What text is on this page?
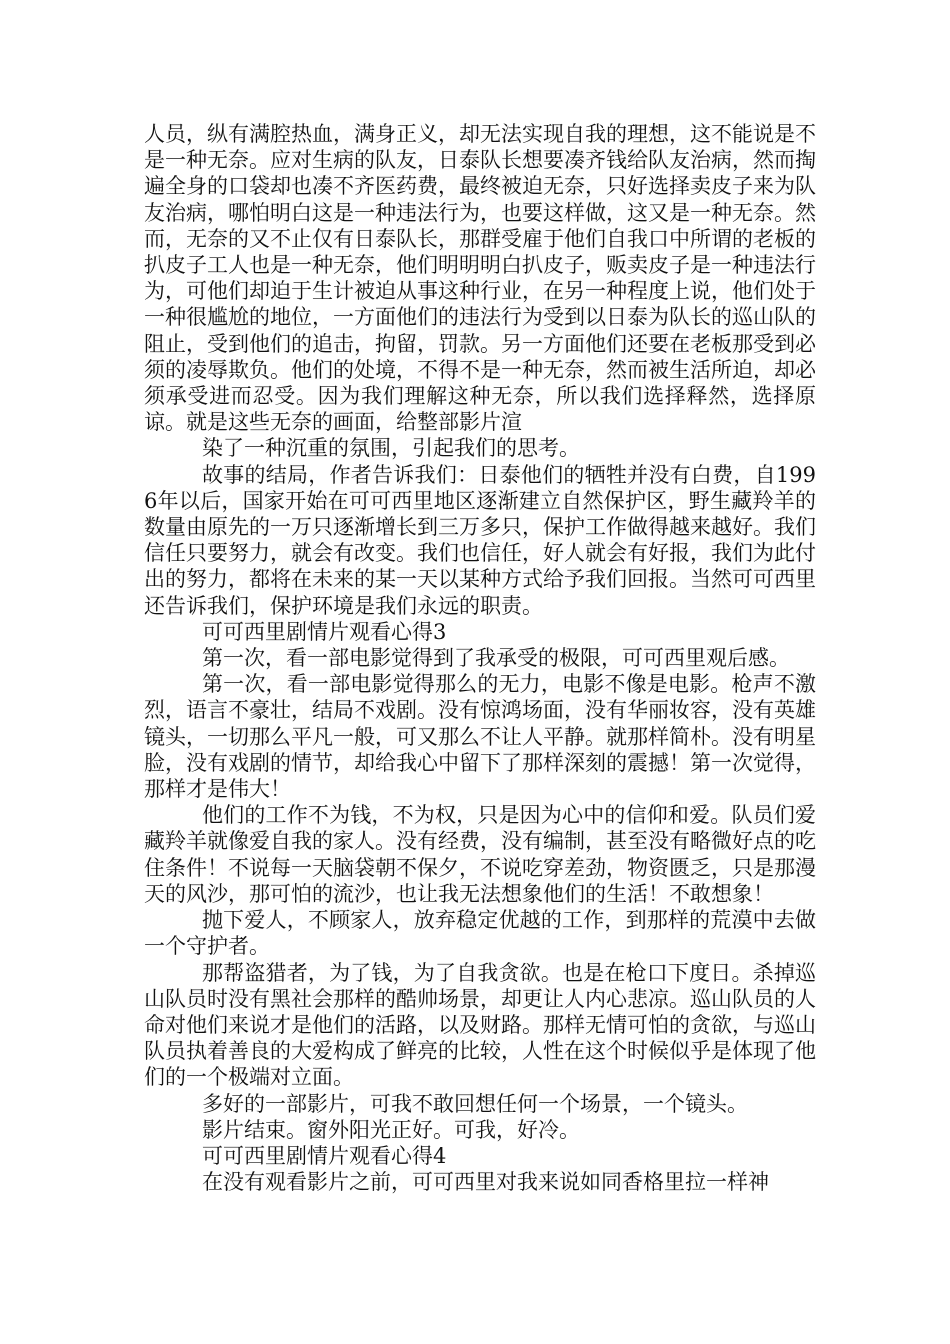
人员，纵有满腔热血，满身正义，却无法实现自我的理想，这不能说是不是一种无奈。应对生病的队友，日泰队长想要凑齐钱给队友治病，然而掏遍全身的口袋却也凑不齐医药费，最终被迫无奈，只好选择卖皮子来为队友治病，哪怕明白这是一种违法行为，也要这样做，这又是一种无奈。然而，无奈的又不止仅有日泰队长，那群受雇于他们自我口中所谓的老板的扒皮子工人也是一种无奈，他们明明明白扒皮子，贩卖皮子是一种违法行为，可他们却迫于生计被迫从事这种行业，在另一种程度上说，他们处于一种很尴尬的地位，一方面他们的违法行为受到以日泰为队长的巡山队的阻止，受到他们的追击，拘留，罚款。另一方面他们还要在老板那受到必须的凌辱欺负。他们的处境，不得不是一种无奈，然而被生活所迫，却必须承受进而忍受。因为我们理解这种无奈，所以我们选择释然，选择原谅。就是这些无奈的画面，给整部影片渲

染了一种沉重的氛围，引起我们的思考。

故事的结局，作者告诉我们：日泰他们的牺牲并没有白费，自1996年以后，国家开始在可可西里地区逐渐建立自然保护区，野生藏羚羊的数量由原先的一万只逐渐增长到三万多只，保护工作做得越来越好。我们信任只要努力，就会有改变。我们也信任，好人就会有好报，我们为此付出的努力，都将在未来的某一天以某种方式给予我们回报。当然可可西里还告诉我们，保护环境是我们永远的职责。

可可西里剧情片观看心得3

第一次，看一部电影觉得到了我承受的极限，可可西里观后感。

第一次，看一部电影觉得那么的无力，电影不像是电影。枪声不激烈，语言不豪壮，结局不戏剧。没有惊鸿场面，没有华丽妆容，没有英雄镜头，一切那么平凡一般，可又那么不让人平静。就那样简朴。没有明星脸，没有戏剧的情节，却给我心中留下了那样深刻的震撼！第一次觉得，那样才是伟大！

他们的工作不为钱，不为权，只是因为心中的信仰和爱。队员们爱藏羚羊就像爱自我的家人。没有经费，没有编制，甚至没有略微好点的吃住条件！不说每一天脑袋朝不保夕，不说吃穿差劲，物资匮乏，只是那漫天的风沙，那可怕的流沙，也让我无法想象他们的生活！不敢想象！

抛下爱人，不顾家人，放弃稳定优越的工作，到那样的荒漠中去做一个守护者。

那帮盗猎者，为了钱，为了自我贪欲。也是在枪口下度日。杀掉巡山队员时没有黑社会那样的酷帅场景，却更让人内心悲凉。巡山队员的人命对他们来说才是他们的活路，以及财路。那样无情可怕的贪欲，与巡山队员执着善良的大爱构成了鲜亮的比较，人性在这个时候似乎是体现了他们的一个极端对立面。

多好的一部影片，可我不敢回想任何一个场景，一个镜头。

影片结束。窗外阳光正好。可我，好冷。

可可西里剧情片观看心得4

在没有观看影片之前，可可西里对我来说如同香格里拉一样神
